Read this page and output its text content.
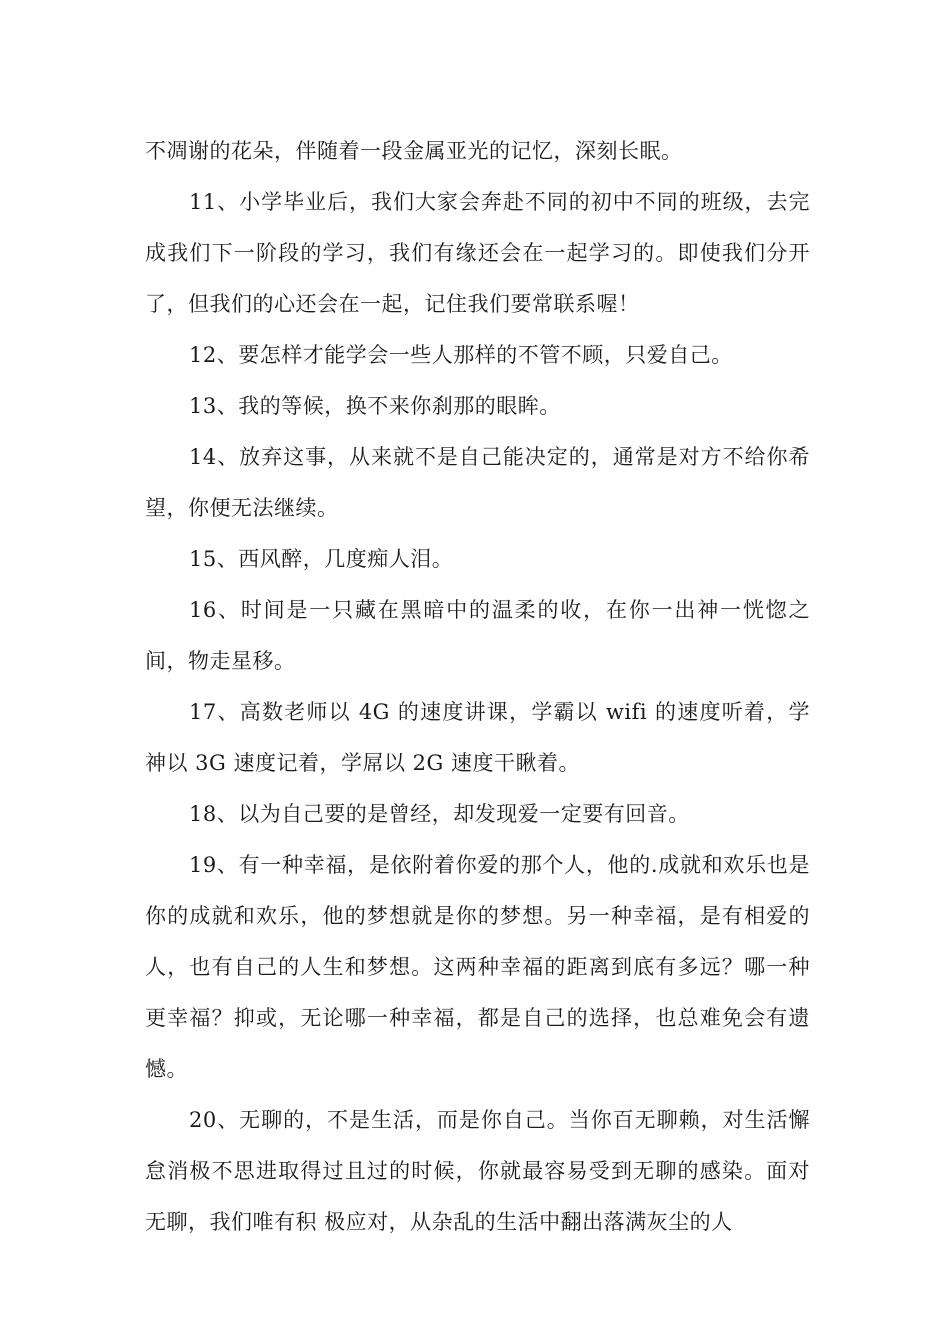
不凋谢的花朵，伴随着一段金属亚光的记忆，深刻长眠。

11、小学毕业后，我们大家会奔赴不同的初中不同的班级，去完成我们下一阶段的学习，我们有缘还会在一起学习的。即使我们分开了，但我们的心还会在一起，记住我们要常联系喔！

12、要怎样才能学会一些人那样的不管不顾，只爱自己。

13、我的等候，换不来你刹那的眼眸。

14、放弃这事，从来就不是自己能决定的，通常是对方不给你希望，你便无法继续。

15、西风醉，几度痴人泪。

16、时间是一只藏在黑暗中的温柔的收，在你一出神一恍惚之间，物走星移。

17、高数老师以 4G 的速度讲课，学霸以 wifi 的速度听着，学神以 3G 速度记着，学屌以 2G 速度干瞅着。

18、以为自己要的是曾经，却发现爱一定要有回音。

19、有一种幸福，是依附着你爱的那个人，他的.成就和欢乐也是你的成就和欢乐，他的梦想就是你的梦想。另一种幸福，是有相爱的人，也有自己的人生和梦想。这两种幸福的距离到底有多远？哪一种更幸福？抑或，无论哪一种幸福，都是自己的选择，也总难免会有遗憾。

20、无聊的，不是生活，而是你自己。当你百无聊赖，对生活懈怠消极不思进取得过且过的时候，你就最容易受到无聊的感染。面对无聊，我们唯有积 极应对，从杂乱的生活中翻出落满灰尘的人
